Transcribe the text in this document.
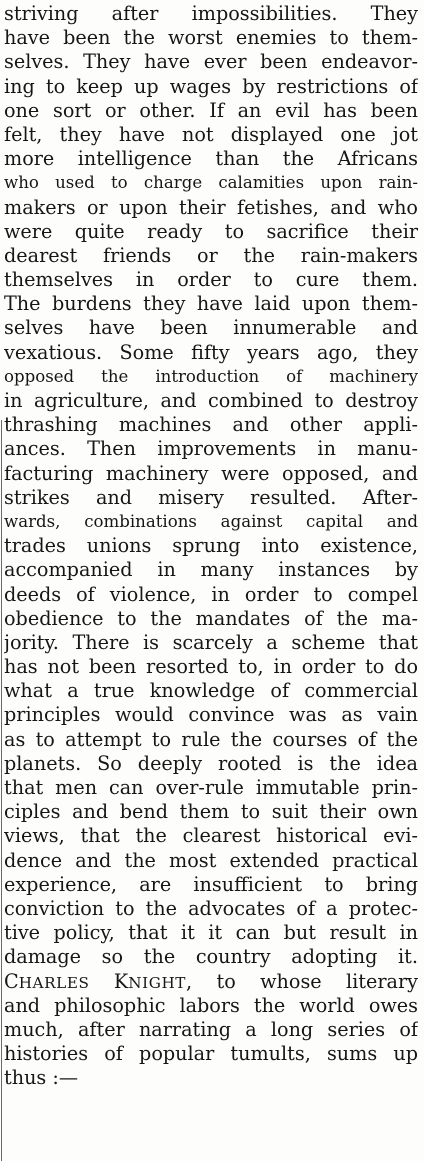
striving after impossibilities. They
have been the worst enemies to them-
selves. They have ever been endeavor-
ing to keep up wages by restrictions of
one sort or other. If an evil has been
felt, they have not displayed one jot
more intelligence than the Africans
who used to charge calamities upon rain-
makers or upon their fetishes, and who
were quite ready to sacrifice their
dearest friends or the rain-makers
themselves in order to cure them.
The burdens they have laid upon them-
selves have been innumerable and
vexatious. Some fifty years ago, they
opposed the introduction of machinery
in agriculture, and combined to destroy
thrashing machines and other appli-
ances. Then improvements in manu-
facturing machinery were opposed, and
strikes and misery resulted. After-
wards, combinations against capital and
trades unions sprung into existence,
accompanied in many instances by
deeds of violence, in order to compel
obedience to the mandates of the ma-
jority. There is scarcely a scheme that
has not been resorted to, in order to do
what a true knowledge of commercial
principles would convince was as vain
as to attempt to rule the courses of the
planets. So deeply rooted is the idea
that men can over-rule immutable prin-
ciples and bend them to suit their own
views, that the clearest historical evi-
dence and the most extended practical
experience, are insufficient to bring
conviction to the advocates of a protec-
tive policy, that it it can but result in
damage so the country adopting it.
CHARLES KNIGHT, to whose literary
and philosophic labors the world owes
much, after narrating a long series of
histories of popular tumults, sums up
thus :—
